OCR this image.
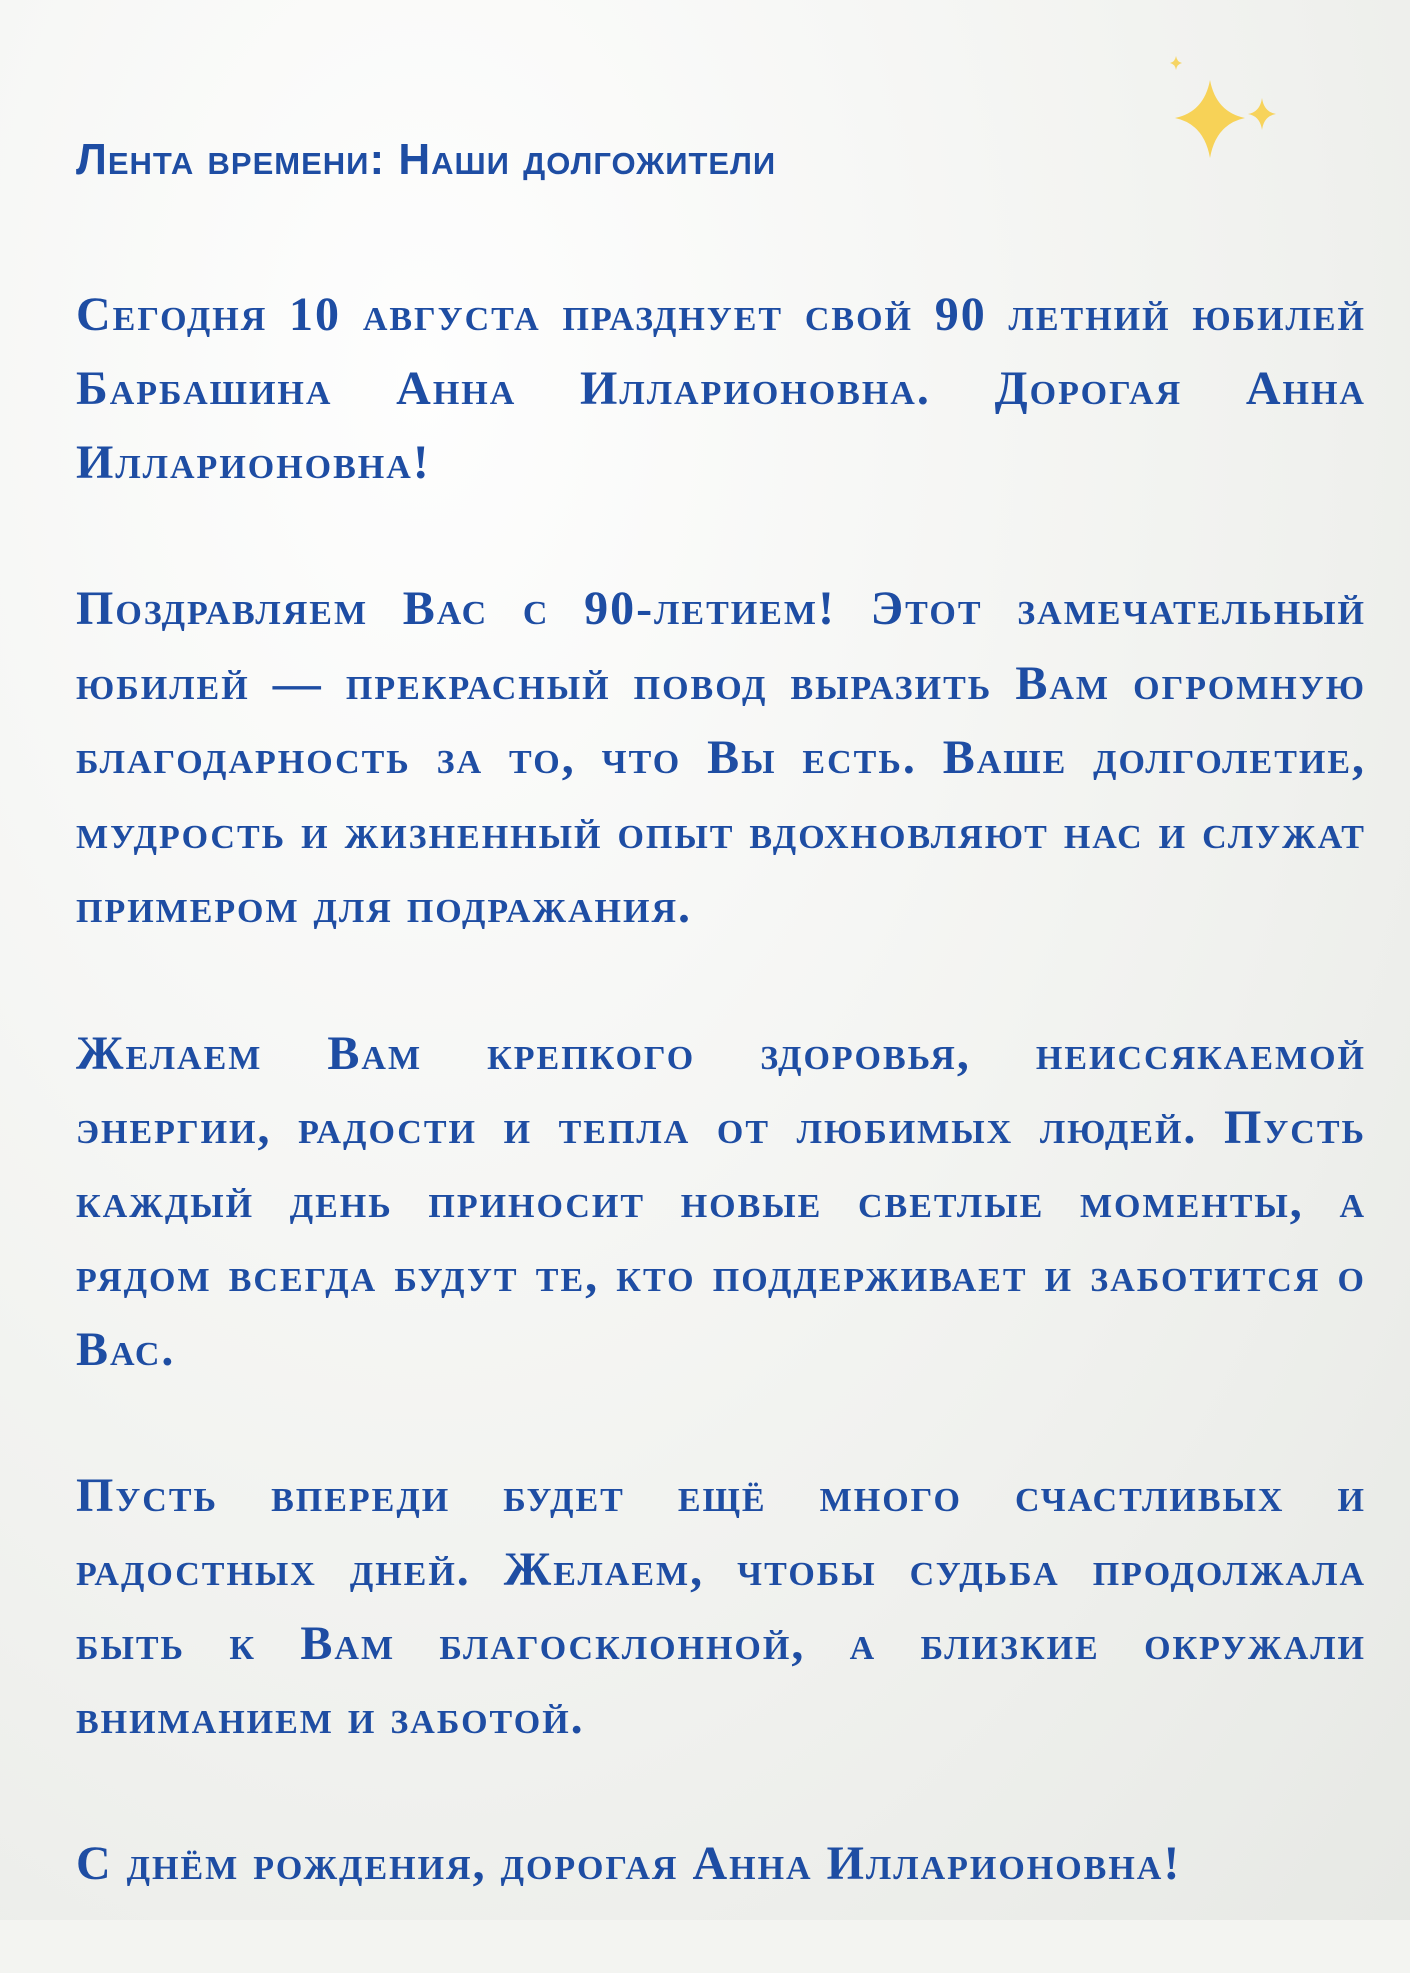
Лента времени: Наши долгожители

Сегодня 10 августа празднует свой 90 летний юбилей Барбашина Анна Илларионовна. Дорогая Анна Илларионовна!

Поздравляем Вас с 90-летием! Этот замечательный юбилей — прекрасный повод выразить Вам огромную благодарность за то, что Вы есть. Ваше долголетие, мудрость и жизненный опыт вдохновляют нас и служат примером для подражания.

Желаем Вам крепкого здоровья, неиссякаемой энергии, радости и тепла от любимых людей. Пусть каждый день приносит новые светлые моменты, а рядом всегда будут те, кто поддерживает и заботится о Вас.

Пусть впереди будет ещё много счастливых и радостных дней. Желаем, чтобы судьба продолжала быть к Вам благосклонной, а близкие окружали вниманием и заботой.

С днём рождения, дорогая Анна Илларионовна!
